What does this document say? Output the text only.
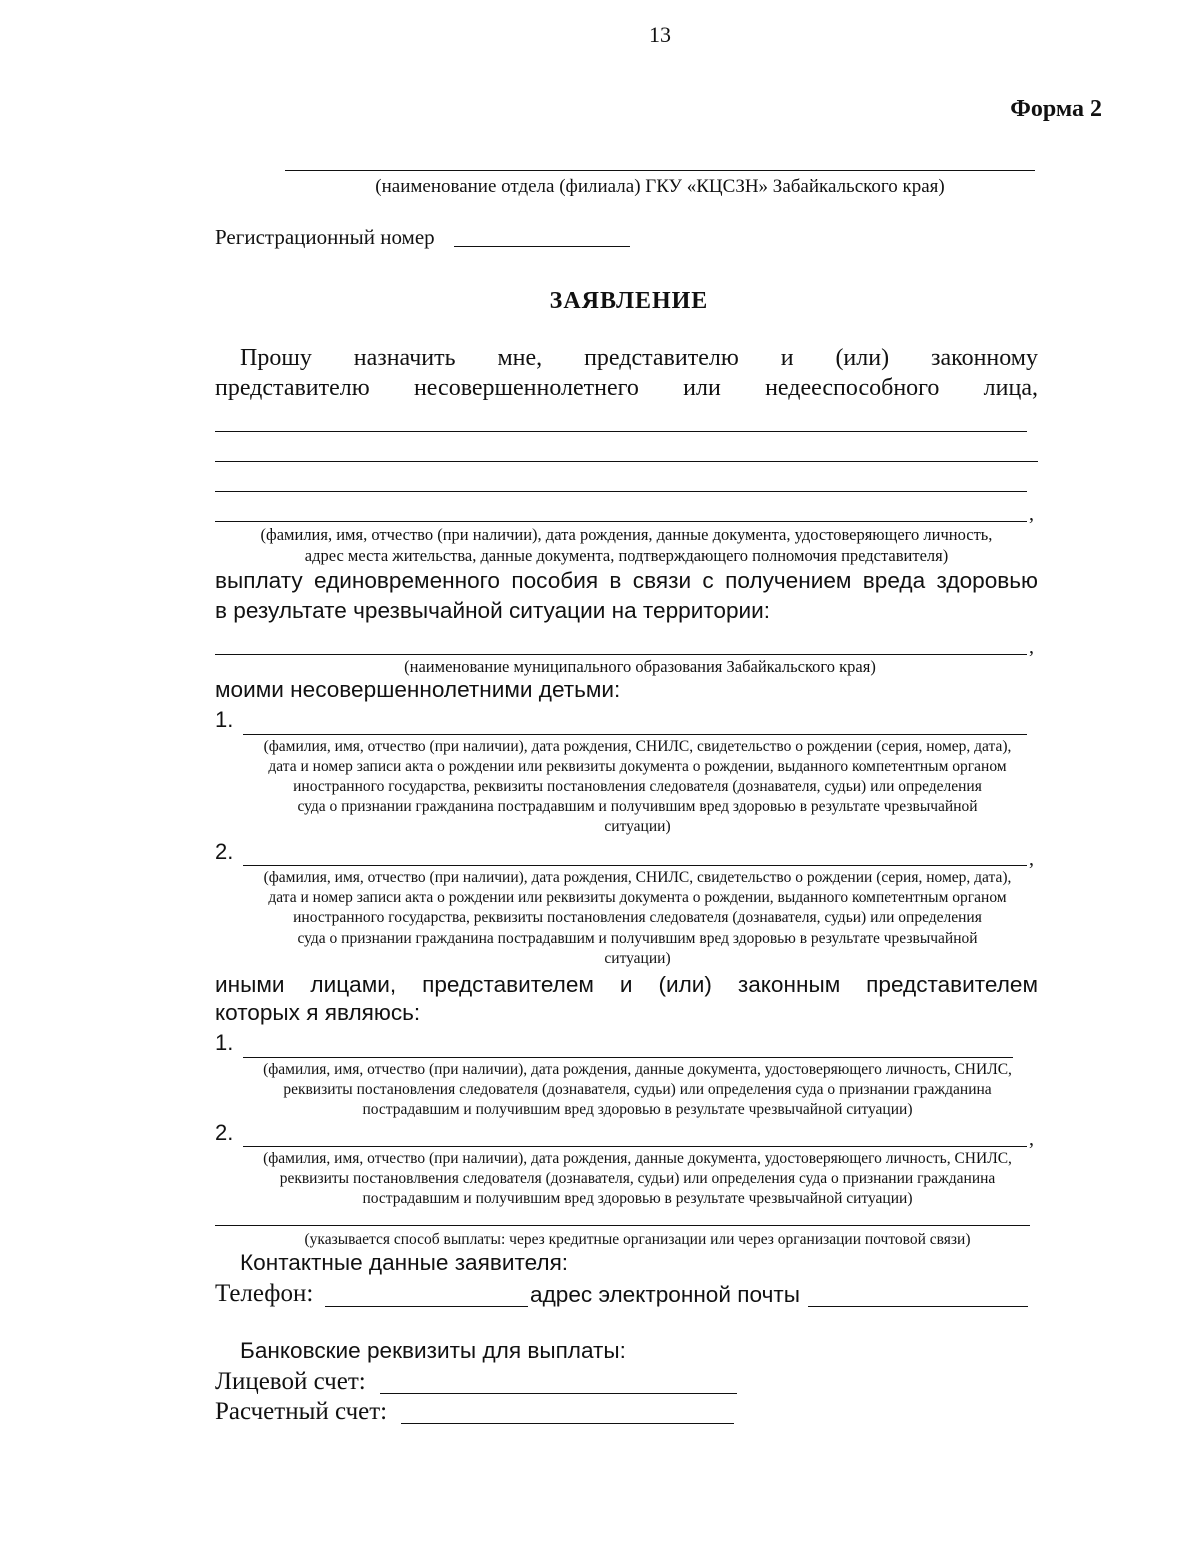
13
Форма 2
(наименование отдела (филиала) ГКУ «КЦСЗН» Забайкальского края)
Регистрационный номер
ЗАЯВЛЕНИЕ
Прошу назначить мне, представителю и (или) законному
представителю несовершеннолетнего или недееспособного лица,
,
(фамилия, имя, отчество (при наличии), дата рождения, данные документа, удостоверяющего личность,
адрес места жительства, данные документа, подтверждающего полномочия представителя)
выплату единовременного пособия в связи с получением вреда здоровью
в результате чрезвычайной ситуации на территории:
,
(наименование муниципального образования Забайкальского края)
моими несовершеннолетними детьми:
1.
(фамилия, имя, отчество (при наличии), дата рождения, СНИЛС, свидетельство о рождении (серия, номер, дата),
дата и номер записи акта о рождении или реквизиты документа о рождении, выданного компетентным органом
иностранного государства, реквизиты постановления следователя (дознавателя, судьи) или определения
суда о признании гражданина пострадавшим и получившим вред здоровью в результате чрезвычайной
ситуации)
2.	,
(фамилия, имя, отчество (при наличии), дата рождения, СНИЛС, свидетельство о рождении (серия, номер, дата),
дата и номер записи акта о рождении или реквизиты документа о рождении, выданного компетентным органом
иностранного государства, реквизиты постановления следователя (дознавателя, судьи) или определения
суда о признании гражданина пострадавшим и получившим вред здоровью в результате чрезвычайной
ситуации)
иными лицами, представителем и (или) законным представителем
которых я являюсь:
1.
(фамилия, имя, отчество (при наличии), дата рождения, данные документа, удостоверяющего личность, СНИЛС,
реквизиты постановления следователя (дознавателя, судьи) или определения суда о признании гражданина
пострадавшим и получившим вред здоровью в результате чрезвычайной ситуации)
2.	,
(фамилия, имя, отчество (при наличии), дата рождения, данные документа, удостоверяющего личность, СНИЛС,
реквизиты постановлвения следователя (дознавателя, судьи) или определения суда о признании гражданина
пострадавшим и получившим вред здоровью в результате чрезвычайной ситуации)
(указывается способ выплаты: через кредитные организации или через организации почтовой связи)
Контактные данные заявителя:
Телефон:	адрес электронной почты
Банковские реквизиты для выплаты:
Лицевой счет:
Расчетный счет:
